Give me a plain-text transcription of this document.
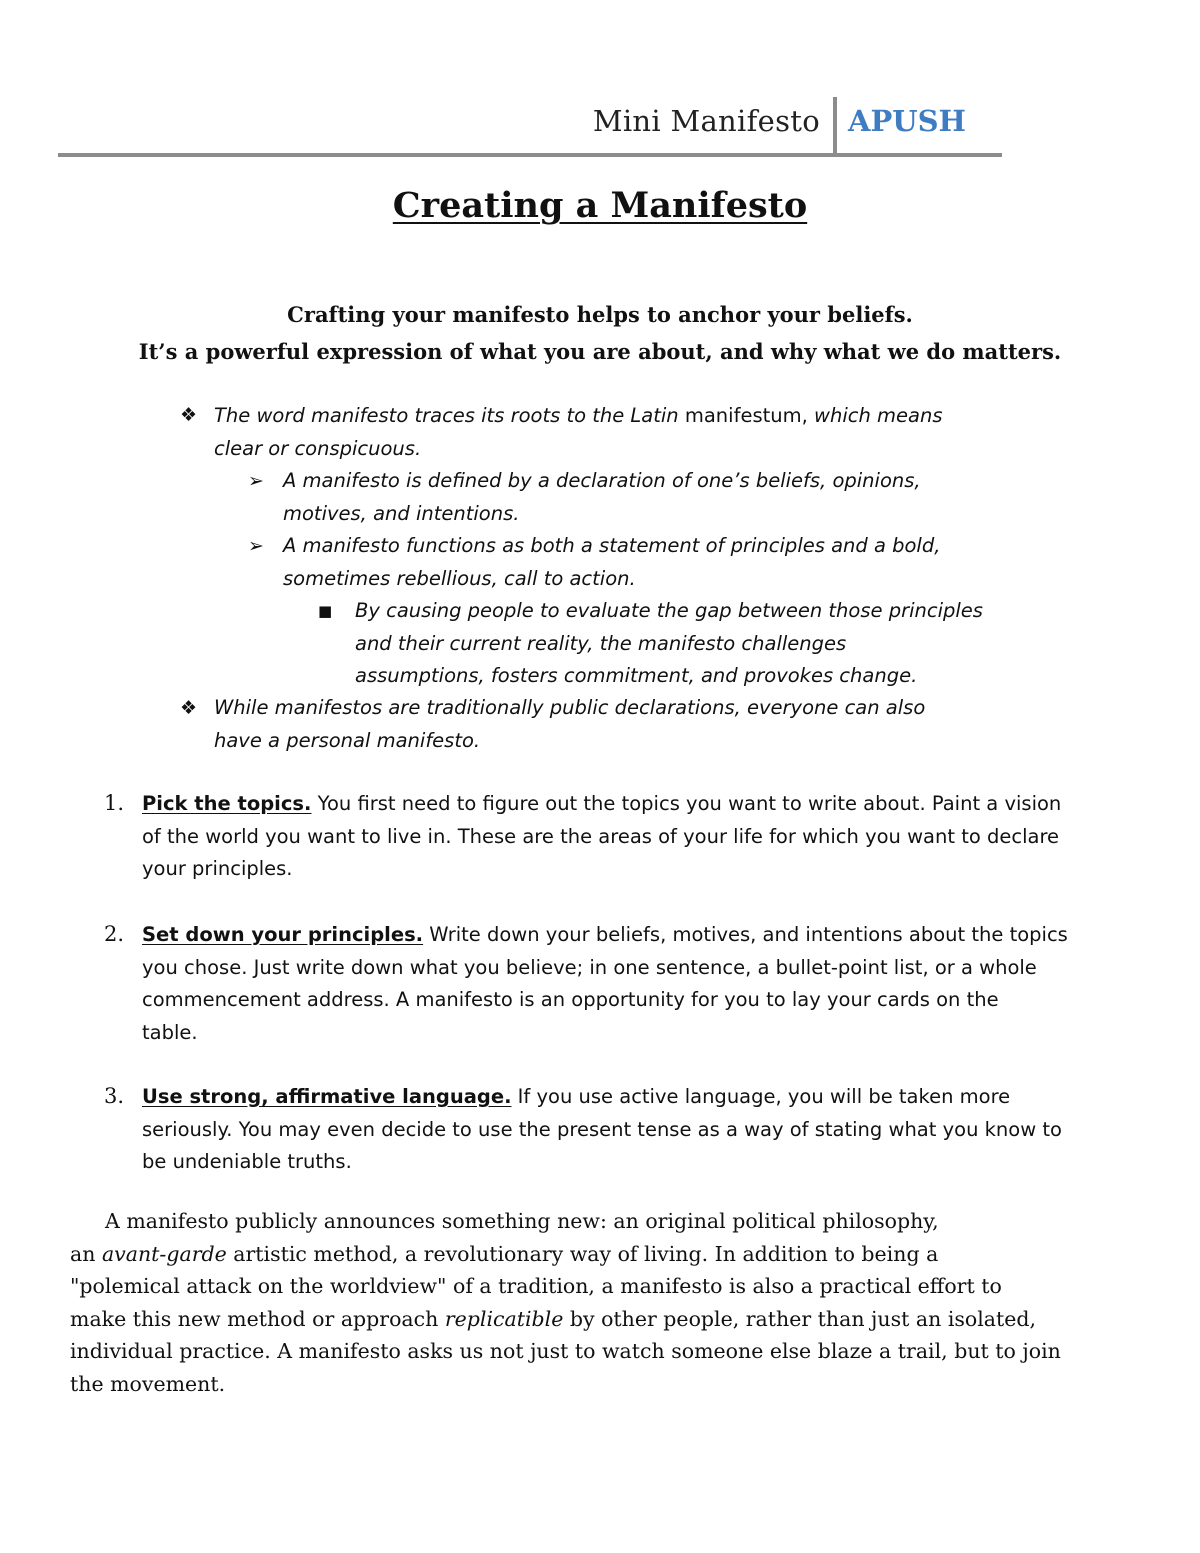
Mini Manifesto APUSH
Creating a Manifesto
Crafting your manifesto helps to anchor your beliefs.
It’s a powerful expression of what you are about, and why what we do matters.
❖ The word manifesto traces its roots to the Latin manifestum, which means
clear or conspicuous.
➢ A manifesto is defined by a declaration of one’s beliefs, opinions,
motives, and intentions.
➢ A manifesto functions as both a statement of principles and a bold,
sometimes rebellious, call to action.
■ By causing people to evaluate the gap between those principles
and their current reality, the manifesto challenges
assumptions, fosters commitment, and provokes change.
❖ While manifestos are traditionally public declarations, everyone can also
have a personal manifesto.
1. Pick the topics. You first need to figure out the topics you want to write about. Paint a vision
of the world you want to live in. These are the areas of your life for which you want to declare
your principles.
2. Set down your principles. Write down your beliefs, motives, and intentions about the topics
you chose. Just write down what you believe; in one sentence, a bullet-point list, or a whole
commencement address. A manifesto is an opportunity for you to lay your cards on the
table.
3. Use strong, affirmative language. If you use active language, you will be taken more
seriously. You may even decide to use the present tense as a way of stating what you know to
be undeniable truths.
A manifesto publicly announces something new: an original political philosophy,
an avant-garde artistic method, a revolutionary way of living. In addition to being a
"polemical attack on the worldview" of a tradition, a manifesto is also a practical effort to
make this new method or approach replicatible by other people, rather than just an isolated,
individual practice. A manifesto asks us not just to watch someone else blaze a trail, but to join
the movement.
